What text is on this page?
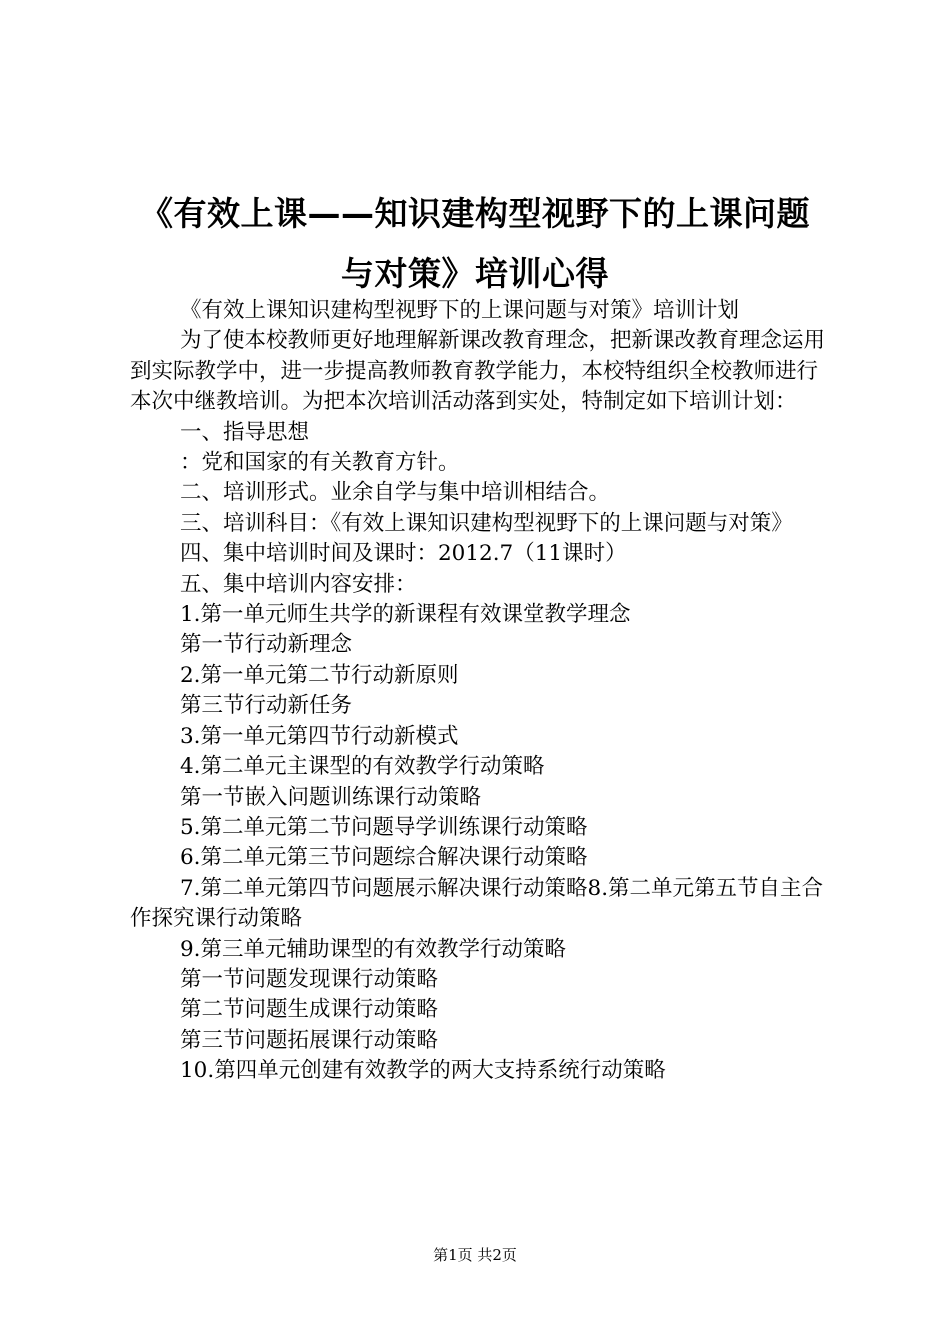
《有效上课——知识建构型视野下的上课问题
与对策》培训心得

《有效上课知识建构型视野下的上课问题与对策》培训计划

为了使本校教师更好地理解新课改教育理念，把新课改教育理念运用到实际教学中，进一步提高教师教育教学能力，本校特组织全校教师进行本次中继教培训。为把本次培训活动落到实处，特制定如下培训计划：

一、指导思想

：党和国家的有关教育方针。

二、培训形式。业余自学与集中培训相结合。

三、培训科目：《有效上课知识建构型视野下的上课问题与对策》

四、集中培训时间及课时：2012.7（11课时）

五、集中培训内容安排：

1.第一单元师生共学的新课程有效课堂教学理念

第一节行动新理念

2.第一单元第二节行动新原则

第三节行动新任务

3.第一单元第四节行动新模式

4.第二单元主课型的有效教学行动策略

第一节嵌入问题训练课行动策略

5.第二单元第二节问题导学训练课行动策略

6.第二单元第三节问题综合解决课行动策略

7.第二单元第四节问题展示解决课行动策略8.第二单元第五节自主合作探究课行动策略

9.第三单元辅助课型的有效教学行动策略

第一节问题发现课行动策略

第二节问题生成课行动策略

第三节问题拓展课行动策略

10.第四单元创建有效教学的两大支持系统行动策略

第1页 共2页
